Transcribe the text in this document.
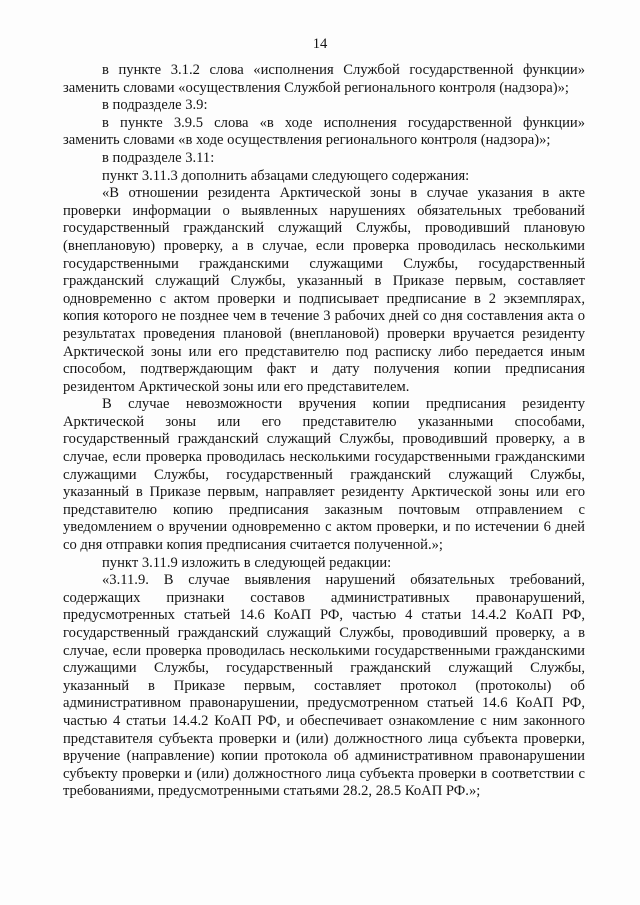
14

в пункте 3.1.2 слова «исполнения Службой государственной функции» заменить словами «осуществления Службой регионального контроля (надзора)»;

в подразделе 3.9:

в пункте 3.9.5 слова «в ходе исполнения государственной функции» заменить словами «в ходе осуществления регионального контроля (надзора)»;

в подразделе 3.11:

пункт 3.11.3 дополнить абзацами следующего содержания:

«В отношении резидента Арктической зоны в случае указания в акте проверки информации о выявленных нарушениях обязательных требований государственный гражданский служащий Службы, проводивший плановую (внеплановую) проверку, а в случае, если проверка проводилась несколькими государственными гражданскими служащими Службы, государственный гражданский служащий Службы, указанный в Приказе первым, составляет одновременно с актом проверки и подписывает предписание в 2 экземплярах, копия которого не позднее чем в течение 3 рабочих дней со дня составления акта о результатах проведения плановой (внеплановой) проверки вручается резиденту Арктической зоны или его представителю под расписку либо передается иным способом, подтверждающим факт и дату получения копии предписания резидентом Арктической зоны или его представителем.

В случае невозможности вручения копии предписания резиденту Арктической зоны или его представителю указанными способами, государственный гражданский служащий Службы, проводивший проверку, а в случае, если проверка проводилась несколькими государственными гражданскими служащими Службы, государственный гражданский служащий Службы, указанный в Приказе первым, направляет резиденту Арктической зоны или его представителю копию предписания заказным почтовым отправлением с уведомлением о вручении одновременно с актом проверки, и по истечении 6 дней со дня отправки копия предписания считается полученной.»;

пункт 3.11.9 изложить в следующей редакции:

«3.11.9. В случае выявления нарушений обязательных требований, содержащих признаки составов административных правонарушений, предусмотренных статьей 14.6 КоАП РФ, частью 4 статьи 14.4.2 КоАП РФ, государственный гражданский служащий Службы, проводивший проверку, а в случае, если проверка проводилась несколькими государственными гражданскими служащими Службы, государственный гражданский служащий Службы, указанный в Приказе первым, составляет протокол (протоколы) об административном правонарушении, предусмотренном статьей 14.6 КоАП РФ, частью 4 статьи 14.4.2 КоАП РФ, и обеспечивает ознакомление с ним законного представителя субъекта проверки и (или) должностного лица субъекта проверки, вручение (направление) копии протокола об административном правонарушении субъекту проверки и (или) должностного лица субъекта проверки в соответствии с требованиями, предусмотренными статьями 28.2, 28.5 КоАП РФ.»;
